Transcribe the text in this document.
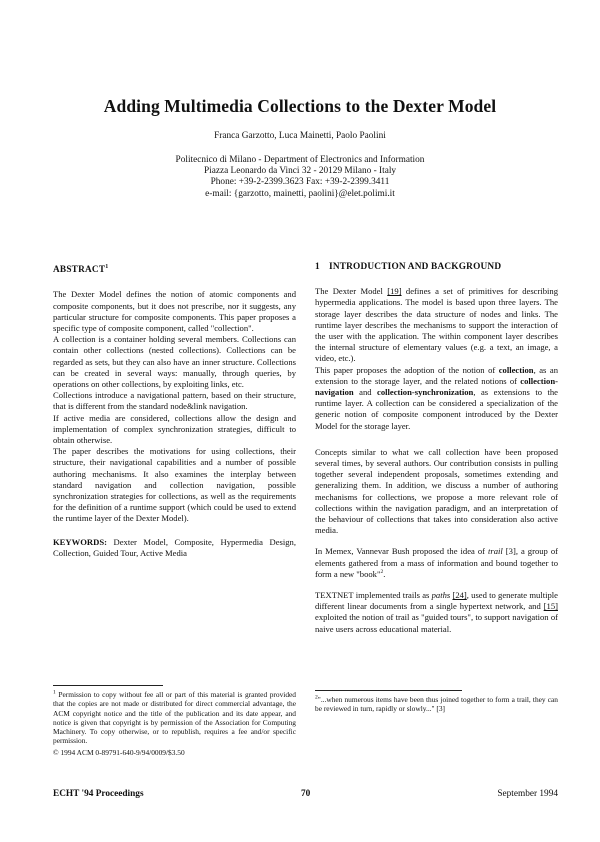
Adding Multimedia Collections to the Dexter Model
Franca Garzotto, Luca Mainetti, Paolo Paolini
Politecnico di Milano - Department of Electronics and Information
Piazza Leonardo da Vinci 32 - 20129 Milano - Italy
Phone: +39-2-2399.3623 Fax: +39-2-2399.3411
e-mail: {garzotto, mainetti, paolini}@elet.polimi.it
ABSTRACT$^1$

The Dexter Model defines the notion of atomic components and composite components, but it does not prescribe, nor it suggests, any particular structure for composite components. This paper proposes a specific type of composite component, called "collection".

A collection is a container holding several members. Collections can contain other collections (nested collections). Collections can be regarded as sets, but they can also have an inner structure. Collections can be created in several ways: manually, through queries, by operations on other collections, by exploiting links, etc.

Collections introduce a navigational pattern, based on their structure, that is different from the standard node&link navigation.

If active media are considered, collections allow the design and implementation of complex synchronization strategies, difficult to obtain otherwise.

The paper describes the motivations for using collections, their structure, their navigational capabilities and a number of possible authoring mechanisms. It also examines the interplay between standard navigation and collection navigation, possible synchronization strategies for collections, as well as the requirements for the definition of a runtime support (which could be used to extend the runtime layer of the Dexter Model).

KEYWORDS: Dexter Model, Composite, Hypermedia Design, Collection, Guided Tour, Active Media

$^1$ Permission to copy without fee all or part of this material is granted provided that the copies are not made or distributed for direct commercial advantage, the ACM copyright notice and the title of the publication and its date appear, and notice is given that copyright is by permission of the Association for Computing Machinery. To copy otherwise, or to republish, requires a fee and/or specific permission.

© 1994 ACM 0-89791-640-9/94/0009/$3.50

1 INTRODUCTION AND BACKGROUND

The Dexter Model [19] defines a set of primitives for describing hypermedia applications. The model is based upon three layers. The storage layer describes the data structure of nodes and links. The runtime layer describes the mechanisms to support the interaction of the user with the application. The within component layer describes the internal structure of elementary values (e.g. a text, an image, a video, etc.).

This paper proposes the adoption of the notion of collection, as an extension to the storage layer, and the related notions of collection-navigation and collection-synchronization, as extensions to the runtime layer. A collection can be considered a specialization of the generic notion of composite component introduced by the Dexter Model for the storage layer.

Concepts similar to what we call collection have been proposed several times, by several authors. Our contribution consists in pulling together several independent proposals, sometimes extending and generalizing them. In addition, we discuss a number of authoring mechanisms for collections, we propose a more relevant role of collections within the navigation paradigm, and an interpretation of the behaviour of collections that takes into consideration also active media.

In Memex, Vannevar Bush proposed the idea of trail [3], a group of elements gathered from a mass of information and bound together to form a new "book"$^2$.

TEXTNET implemented trails as paths [24], used to generate multiple different linear documents from a single hypertext network, and [15] exploited the notion of trail as "guided tours", to support navigation of naive users across educational material.

$^2$"...when numerous items have been thus joined together to form a trail, they can be reviewed in turn, rapidly or slowly..." [3]

ECHT '94 Proceedings	70	September 1994
